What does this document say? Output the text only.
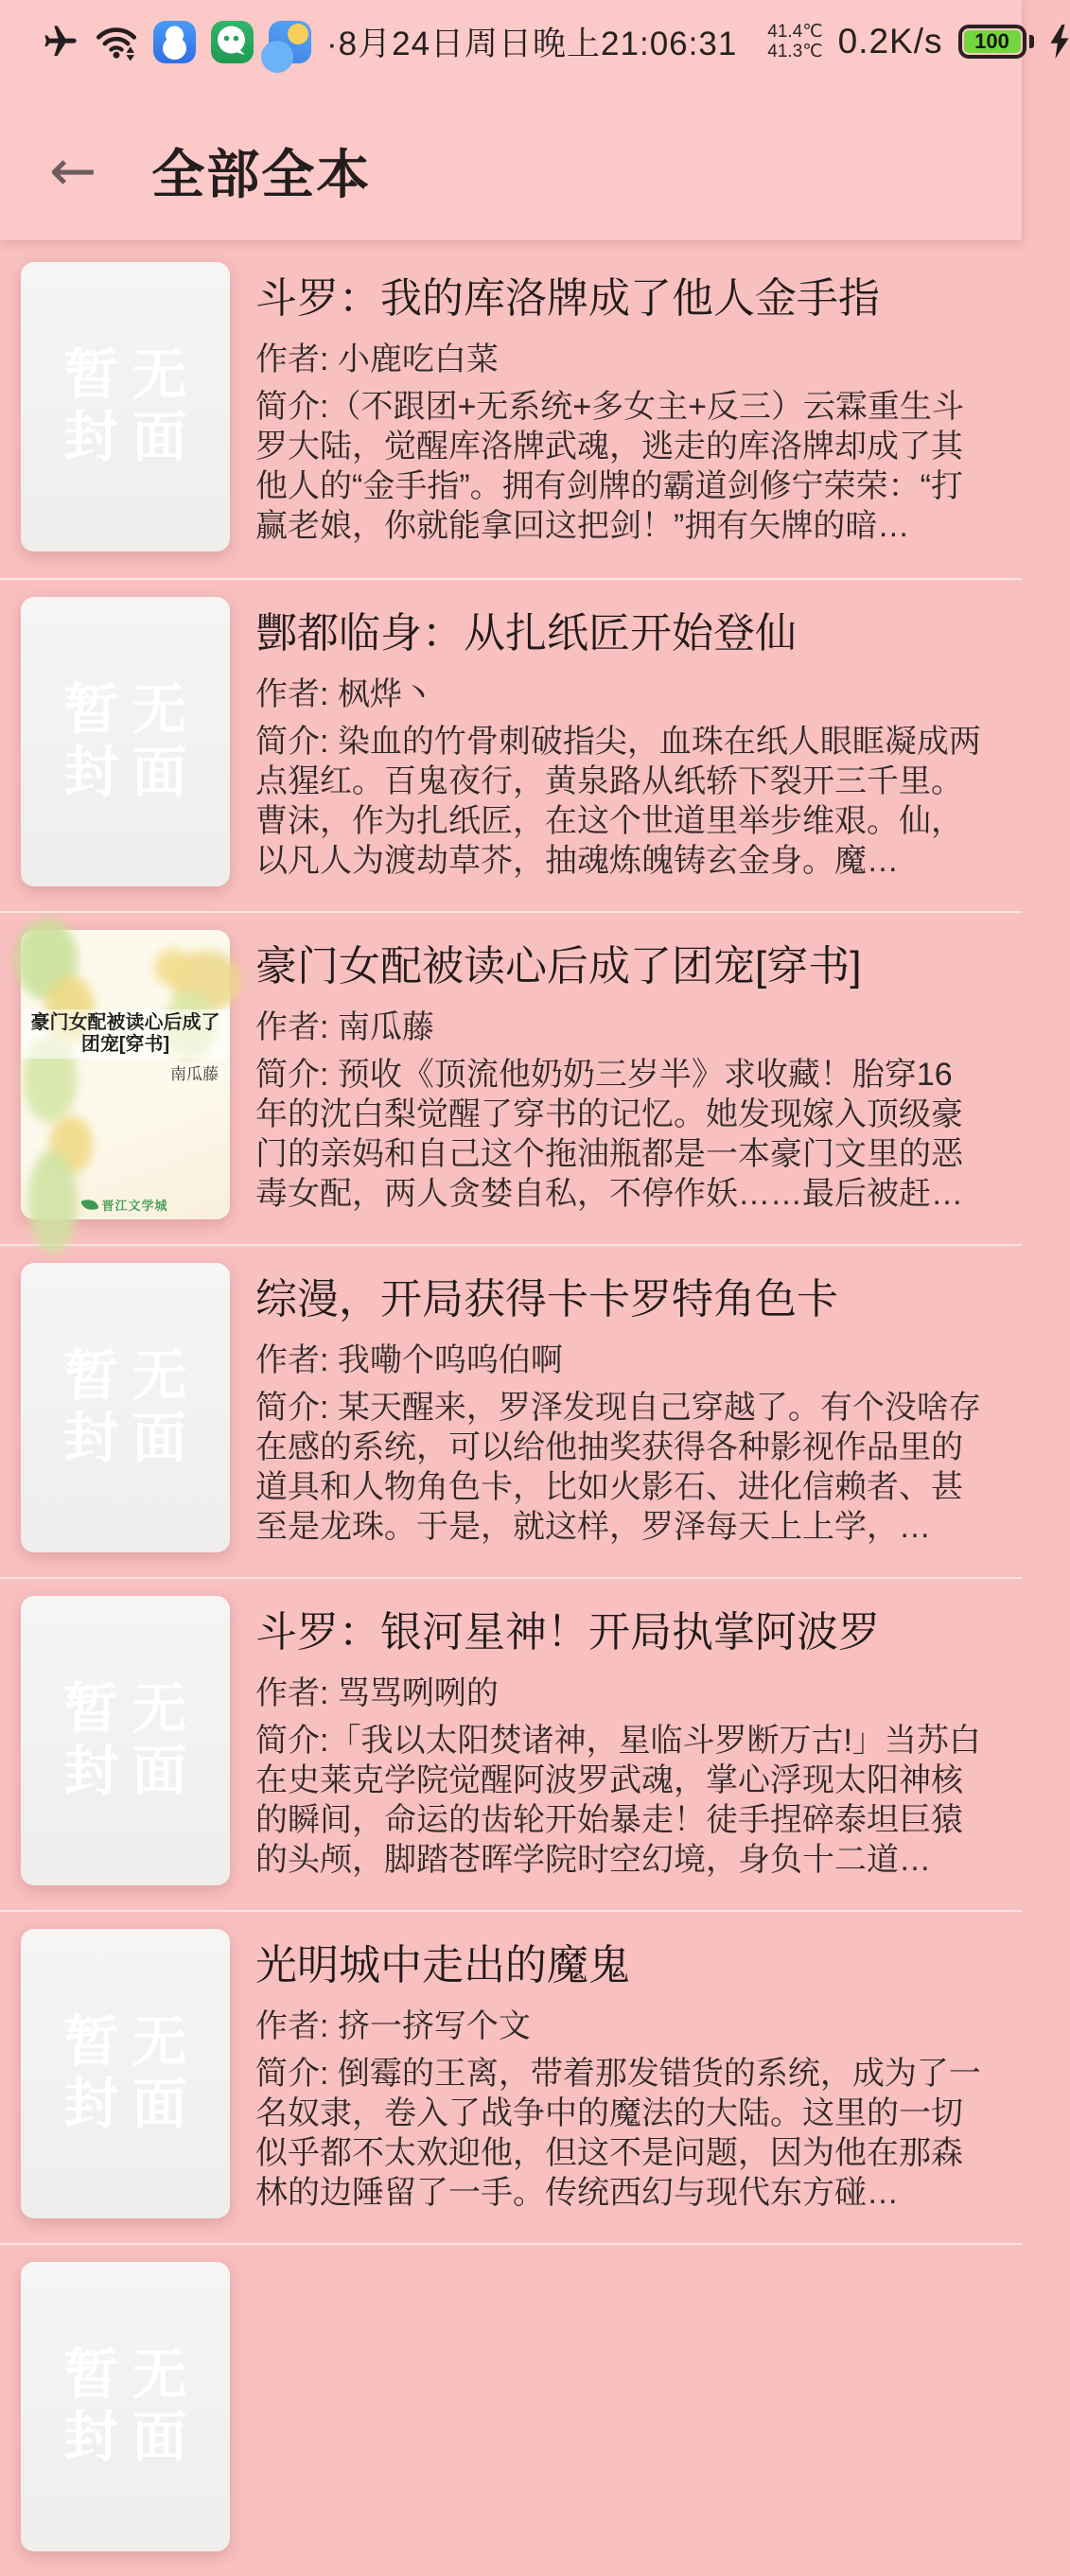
·8月24日周日晚上21:06:31 41.4℃
41.3℃ 0.2K/s	100
← 全部全本
暂无
封面
斗罗：我的库洛牌成了他人金手指
作者: 小鹿吃白菜
简介:（不跟团+无系统+多女主+反三）云霖重生斗罗大陆，觉醒库洛牌武魂，逃走的库洛牌却成了其他人的“金手指”。拥有剑牌的霸道剑修宁荣荣：“打赢老娘，你就能拿回这把剑！”拥有矢牌的暗…
暂无
封面
酆都临身：从扎纸匠开始登仙
作者: 枫烨丶
简介: 染血的竹骨刺破指尖，血珠在纸人眼眶凝成两点猩红。百鬼夜行，黄泉路从纸轿下裂开三千里。曹沫，作为扎纸匠，在这个世道里举步维艰。仙，以凡人为渡劫草芥，抽魂炼魄铸玄金身。魔…
豪门女配被读心后成了
团宠[穿书]
南瓜藤
晋江文学城
豪门女配被读心后成了团宠[穿书]
作者: 南瓜藤
简介: 预收《顶流他奶奶三岁半》求收藏！胎穿16年的沈白梨觉醒了穿书的记忆。她发现嫁入顶级豪门的亲妈和自己这个拖油瓶都是一本豪门文里的恶毒女配，两人贪婪自私，不停作妖……最后被赶…
暂无
封面
综漫，开局获得卡卡罗特角色卡
作者: 我嘞个呜呜伯啊
简介: 某天醒来，罗泽发现自己穿越了。有个没啥存在感的系统，可以给他抽奖获得各种影视作品里的道具和人物角色卡，比如火影石、进化信赖者、甚至是龙珠。于是，就这样，罗泽每天上上学，…
暂无
封面
斗罗：银河星神！开局执掌阿波罗
作者: 骂骂咧咧的
简介:「我以太阳焚诸神，星临斗罗断万古!」当苏白在史莱克学院觉醒阿波罗武魂，掌心浮现太阳神核的瞬间，命运的齿轮开始暴走！徒手捏碎泰坦巨猿的头颅，脚踏苍晖学院时空幻境，身负十二道…
暂无
封面
光明城中走出的魔鬼
作者: 挤一挤写个文
简介: 倒霉的王离，带着那发错货的系统，成为了一名奴隶，卷入了战争中的魔法的大陆。这里的一切似乎都不太欢迎他，但这不是问题，因为他在那森林的边陲留了一手。传统西幻与现代东方碰…
暂无
封面
